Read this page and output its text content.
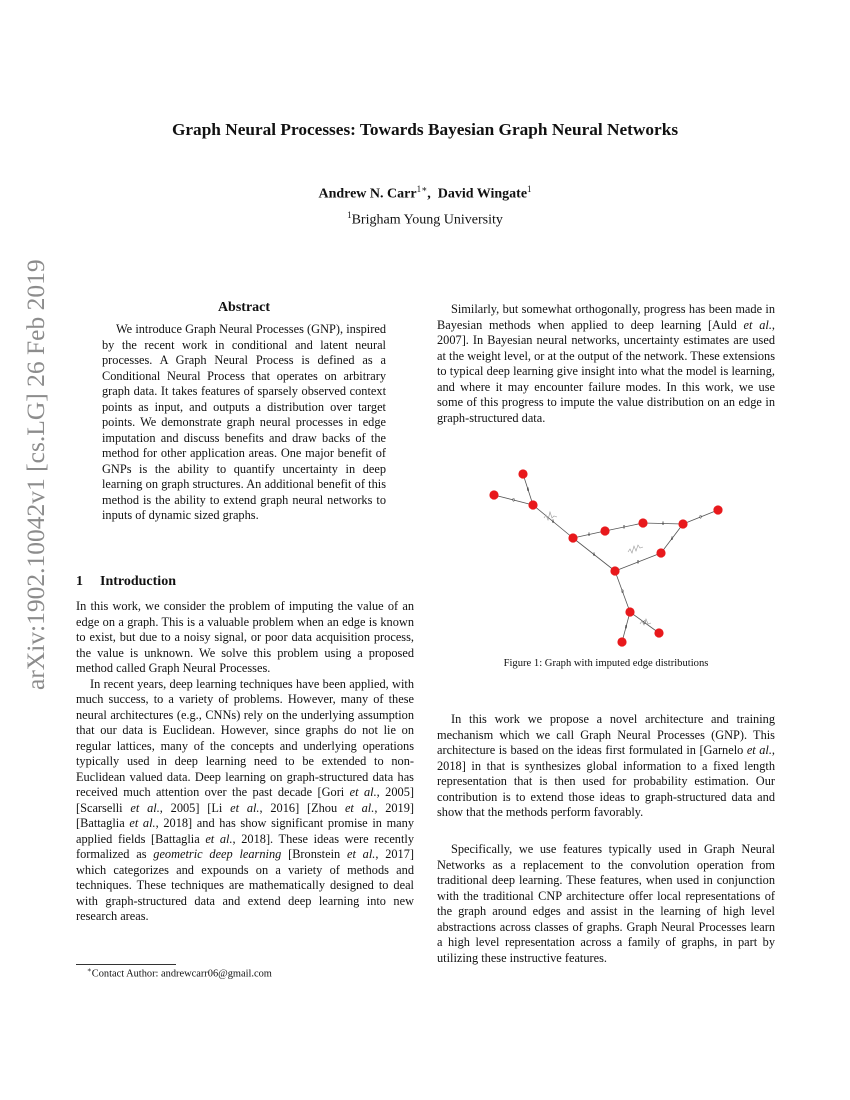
arXiv:1902.10042v1 [cs.LG] 26 Feb 2019
Graph Neural Processes: Towards Bayesian Graph Neural Networks
Andrew N. Carr$^{1∗}$,  David Wingate$^1$
$^1$Brigham Young University
Abstract

We introduce Graph Neural Processes (GNP), inspired by the recent work in conditional and latent neural processes. A Graph Neural Process is defined as a Conditional Neural Process that operates on arbitrary graph data. It takes features of sparsely observed context points as input, and outputs a distribution over target points. We demonstrate graph neural processes in edge imputation and discuss benefits and draw backs of the method for other application areas. One major benefit of GNPs is the ability to quantify uncertainty in deep learning on graph structures. An additional benefit of this method is the ability to extend graph neural networks to inputs of dynamic sized graphs.

1 Introduction

In this work, we consider the problem of imputing the value of an edge on a graph. This is a valuable problem when an edge is known to exist, but due to a noisy signal, or poor data acquisition process, the value is unknown. We solve this problem using a proposed method called Graph Neural Processes.

In recent years, deep learning techniques have been applied, with much success, to a variety of problems. However, many of these neural architectures (e.g., CNNs) rely on the underlying assumption that our data is Euclidean. However, since graphs do not lie on regular lattices, many of the concepts and underlying operations typically used in deep learning need to be extended to non-Euclidean valued data. Deep learning on graph-structured data has received much attention over the past decade [Gori et al., 2005] [Scarselli et al., 2005] [Li et al., 2016] [Zhou et al., 2019] [Battaglia et al., 2018] and has show significant promise in many applied fields [Battaglia et al., 2018]. These ideas were recently formalized as geometric deep learning [Bronstein et al., 2017] which categorizes and expounds on a variety of methods and techniques. These techniques are mathematically designed to deal with graph-structured data and extend deep learning into new research areas.

∗Contact Author: andrewcarr06@gmail.com

Similarly, but somewhat orthogonally, progress has been made in Bayesian methods when applied to deep learning [Auld et al., 2007]. In Bayesian neural networks, uncertainty estimates are used at the weight level, or at the output of the network. These extensions to typical deep learning give insight into what the model is learning, and where it may encounter failure modes. In this work, we use some of this progress to impute the value distribution on an edge in graph-structured data.

0
0
0
0
0
0
0
0
0
0
0
0
0
Figure 1: Graph with imputed edge distributions

In this work we propose a novel architecture and training mechanism which we call Graph Neural Processes (GNP). This architecture is based on the ideas first formulated in [Garnelo et al., 2018] in that is synthesizes global information to a fixed length representation that is then used for probability estimation. Our contribution is to extend those ideas to graph-structured data and show that the methods perform favorably.

Specifically, we use features typically used in Graph Neural Networks as a replacement to the convolution operation from traditional deep learning. These features, when used in conjunction with the traditional CNP architecture offer local representations of the graph around edges and assist in the learning of high level abstractions across classes of graphs. Graph Neural Processes learn a high level representation across a family of graphs, in part by utilizing these instructive features.
